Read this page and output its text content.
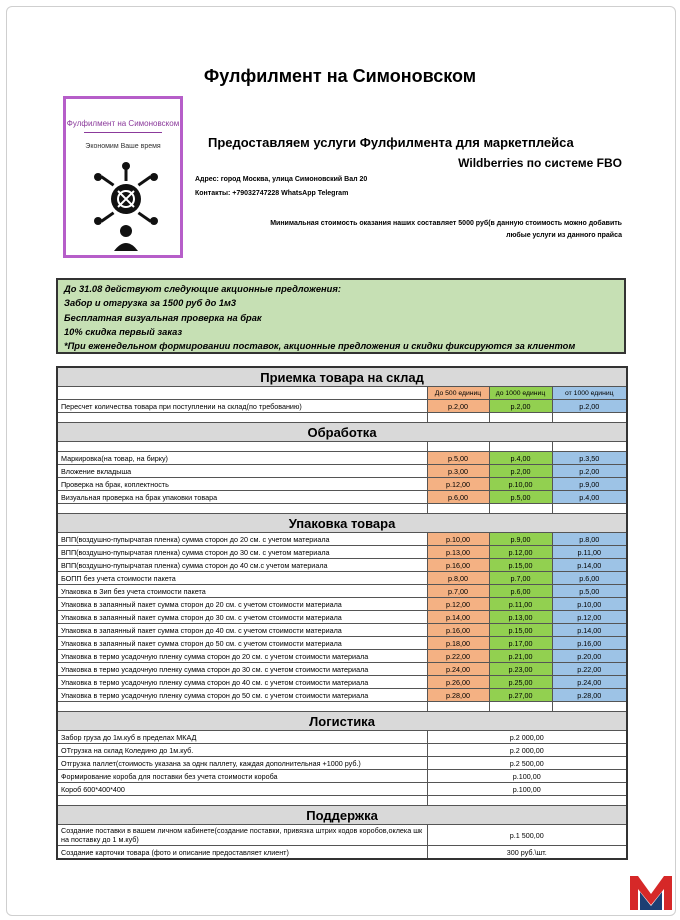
Фулфилмент на Симоновском
Фулфилмент на Симоновском
Экономим Ваше время	Предоставляем услуги Фулфилмента для маркетплейса
Wildberries по системе FBO
Адрес: город Москва, улица Симоновский Вал 20
Контакты: +79032747228 WhatsApp Telegram
Минимальная стоимость оказания наших составляет 5000 руб(в данную стоимость можно добавить
любые услуги из данного прайса
До 31.08 действуют следующие акционные предложения:
Забор и отгрузка за 1500 руб до 1м3
Бесплатная визуальная проверка на брак
10% скидка первый заказ
*При еженедельном формировании поставок, акционные предложения и скидки фиксируются за клиентом
Приемка товара на склад			
	До 500 единиц	до 1000 единиц	от 1000 единиц
Пересчет количества товара при поступлении на склад(по требованию)	р.2,00	р.2,00	р.2,00

Обработка			

Маркировка(на товар, на бирку)	р.5,00	р.4,00	р.3,50
Вложение вкладыша	р.3,00	р.2,00	р.2,00
Проверка на брак, коплектность	р.12,00	р.10,00	р.9,00
Визуальная проверка на брак упаковки товара	р.6,00	р.5,00	р.4,00

Упаковка товара			
ВПП(воздушно-пупырчатая пленка) сумма сторон до 20 см. с учетом материала	р.10,00	р.9,00	р.8,00
ВПП(воздушно-пупырчатая пленка) сумма сторон до 30 см. с учетом материала	р.13,00	р.12,00	р.11,00
ВПП(воздушно-пупырчатая пленка) сумма сторон до 40 см.с учетом материала	р.16,00	р.15,00	р.14,00
БОПП без учета стоимости пакета	р.8,00	р.7,00	р.6,00
Упаковка в Зип без учета стоимости пакета	р.7,00	р.6,00	р.5,00
Упаковка в запаянный пакет сумма сторон до 20 см. с учетом стоимости материала	р.12,00	р.11,00	р.10,00
Упаковка в запаянный пакет сумма сторон до 30 см. с учетом стоимости материала	р.14,00	р.13,00	р.12,00
Упаковка в запаянный пакет сумма сторон до 40 см. с учетом стоимости материала	р.16,00	р.15,00	р.14,00
Упаковка в запаянный пакет сумма сторон до 50 см. с учетом стоимости материала	р.18,00	р.17,00	р.16,00
Упаковка в термо усадочную пленку сумма сторон до 20 см. с учетом стоимости материала	р.22,00	р.21,00	р.20,00
Упаковка в термо усадочную пленку сумма сторон до 30 см. с учетом стоимости материала	р.24,00	р.23,00	р.22,00
Упаковка в термо усадочную пленку сумма сторон до 40 см. с учетом стоимости материала	р.26,00	р.25,00	р.24,00
Упаковка в термо усадочную пленку сумма сторон до 50 см. с учетом стоимости материала	р.28,00	р.27,00	р.28,00

Логистика			
Забор груза до 1м.куб в пределах МКАД	р.2 000,00		
ОТгрузка на склад Коледино до 1м.куб.	р.2 000,00		
Отгрузка паллет(стоимость указана за однк паллету, каждая дополнительная +1000 руб.)	р.2 500,00		
Формирование короба для поставки без учета стоимости короба	р.100,00		
Короб 600*400*400	р.100,00		

Поддержка			
Создание поставки в вашем личном кабинете(создание поставки, привязка штрих кодов коробов,оклека шк на поставку до 1 м.куб)	р.1 500,00		
Создание карточки товара (фото и описание предоставляет клиент)	300 руб.\шт.		
